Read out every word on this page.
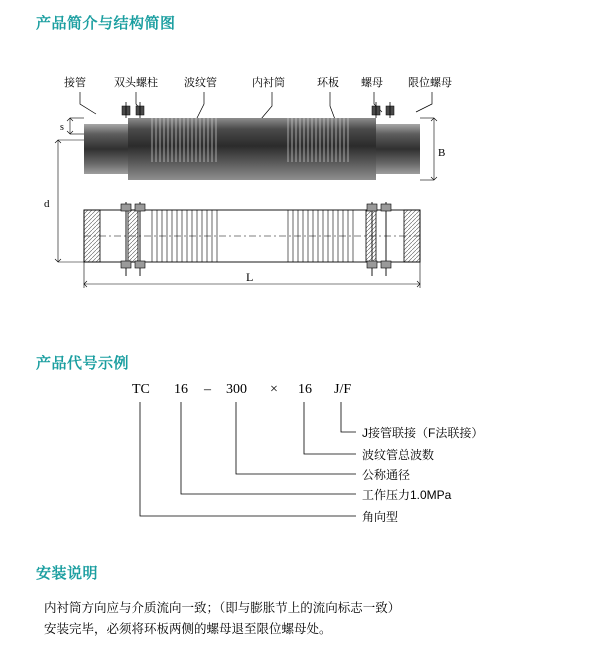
产品简介与结构简图
接管	双头螺柱 波纹管	内衬筒	环板 螺母 限位螺母
s
d
B
L
产品代号示例
TC 16 – 300 × 16 J/F
J接管联接（F法联接）
波纹管总波数
公称通径
工作压力1.0MPa
角向型
安装说明
内衬筒方向应与介质流向一致；（即与膨胀节上的流向标志一致）
安装完毕，必须将环板两侧的螺母退至限位螺母处。
